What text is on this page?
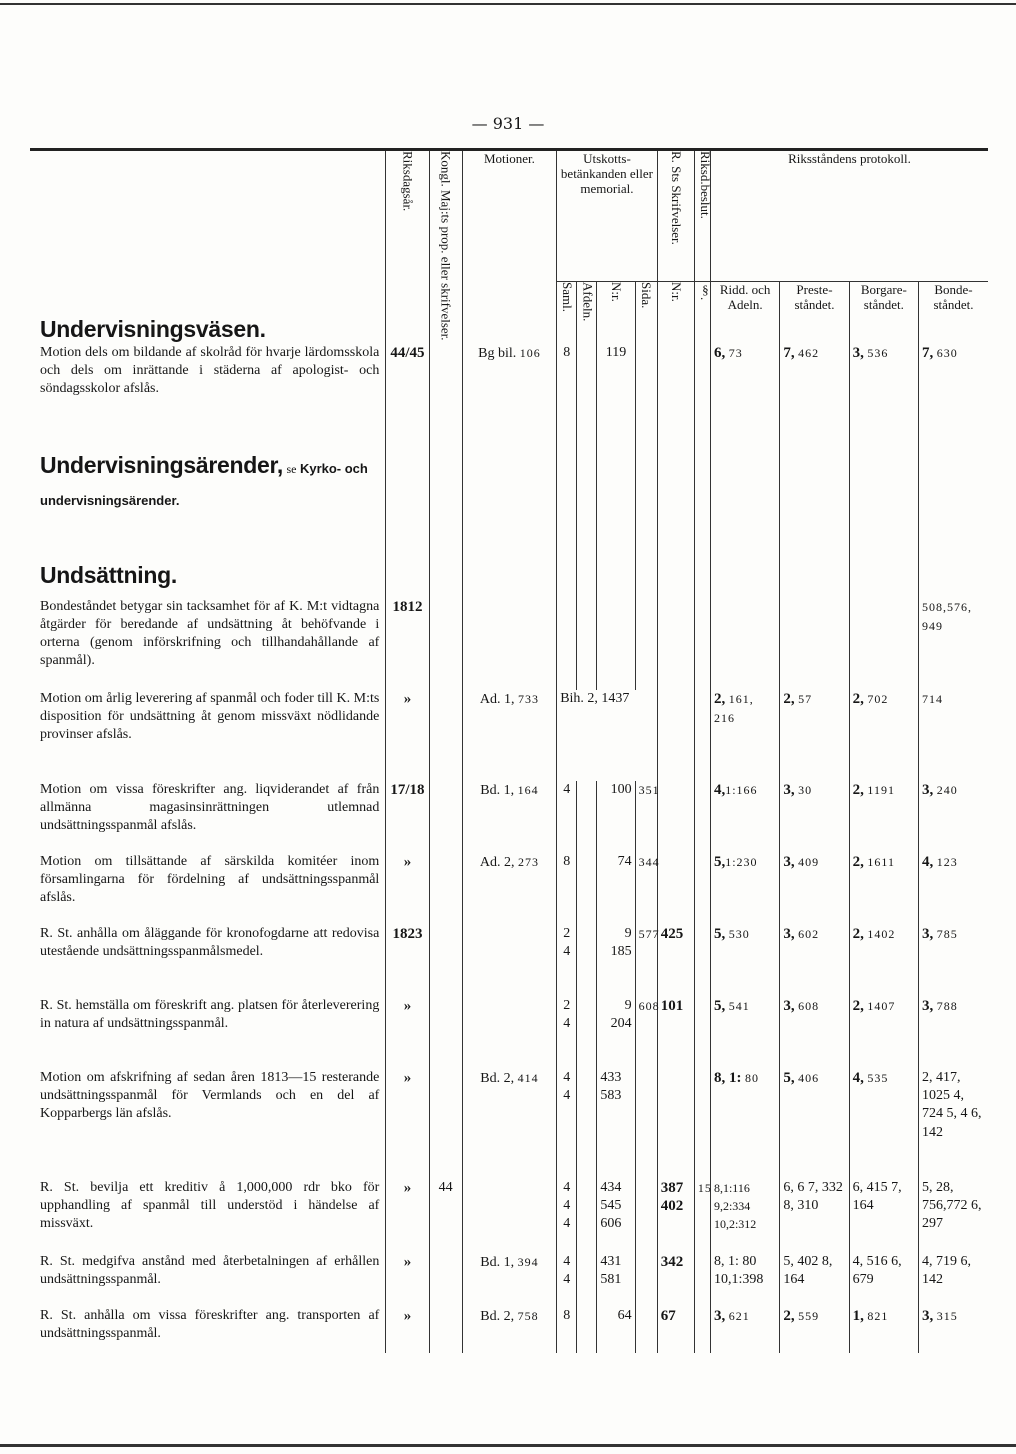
— 931 —
Undervisningsväsen.	Riksdagsår.	Kongl. Maj:ts prop. eller skrifvelser.	Motioner.	Utskotts-betänkanden eller memorial.				R. Sts Skrifvelser.	Riksd.beslut.	Riksståndens protokoll.			
				Saml.	Afdeln.	N:r.	Sida.	N:r.	§.	Ridd. och Adeln.	Preste-ståndet.	Borgare-ståndet.	Bonde-ståndet.
Motion dels om bildande af skolråd för hvarje lärdomsskola och dels om inrättande i städerna af apologist- och söndagsskolor afslås.	44/45		Bg bil. 106	8		119				6, 73	7, 462	3, 536	7, 630
Undervisningsärender, se Kyrko- och													
undervisningsärender.													
Undsättning.													
Bondeståndet betygar sin tacksamhet för af K. M:t vidtagna åtgärder för beredande af undsättning åt behöfvande i orterna (genom införskrifning och tillhandahållande af spanmål).	1812												508,576, 949
Motion om årlig leverering af spanmål och foder till K. M:ts disposition för undsättning åt genom missväxt nödlidande provinser afslås.	»		Ad. 1, 733	Bih. 2, 1437						2, 161, 216	2, 57	2, 702	714
Motion om vissa föreskrifter ang. liqviderandet af från allmänna magasinsinrättningen utlemnad undsättningsspanmål afslås.	17/18		Bd. 1, 164	4		100	351			4,1:166	3, 30	2, 1191	3, 240
Motion om tillsättande af särskilda komitéer inom församlingarna för fördelning af undsättningsspanmål afslås.	»		Ad. 2, 273	8		74	344			5,1:230	3, 409	2, 1611	4, 123
R. St. anhålla om åläggande för kronofogdarne att redovisa utestående undsättningsspanmålsmedel.	1823			2 4		9 185	577	425		5, 530	3, 602	2, 1402	3, 785
R. St. hemställa om föreskrift ang. platsen för återleverering in natura af undsättningsspanmål.	»			2 4		9 204	608	101		5, 541	3, 608	2, 1407	3, 788
Motion om afskrifning af sedan åren 1813—15 resterande undsättningsspanmål för Vermlands och en del af Kopparbergs län afslås.	»		Bd. 2, 414	4 4		433 583				8, 1: 80	5, 406	4, 535	2, 417, 1025 4, 724 5, 4 6, 142
R. St. bevilja ett kreditiv å 1,000,000 rdr bko för upphandling af spanmål till understöd i händelse af missväxt.	»	44		4 4 4		434 545 606		387 402	15	8,1:116 9,2:334 10,2:312	6, 6 7, 332 8, 310	6, 415 7, 164	5, 28, 756,772 6, 297
R. St. medgifva anstånd med återbetalningen af erhållen undsättningsspanmål.	»		Bd. 1, 394	4 4		431 581		342		8, 1: 80 10,1:398	5, 402 8, 164	4, 516 6, 679	4, 719 6, 142
R. St. anhålla om vissa föreskrifter ang. transporten af undsättningsspanmål.	»		Bd. 2, 758	8		64		67		3, 621	2, 559	1, 821	3, 315
